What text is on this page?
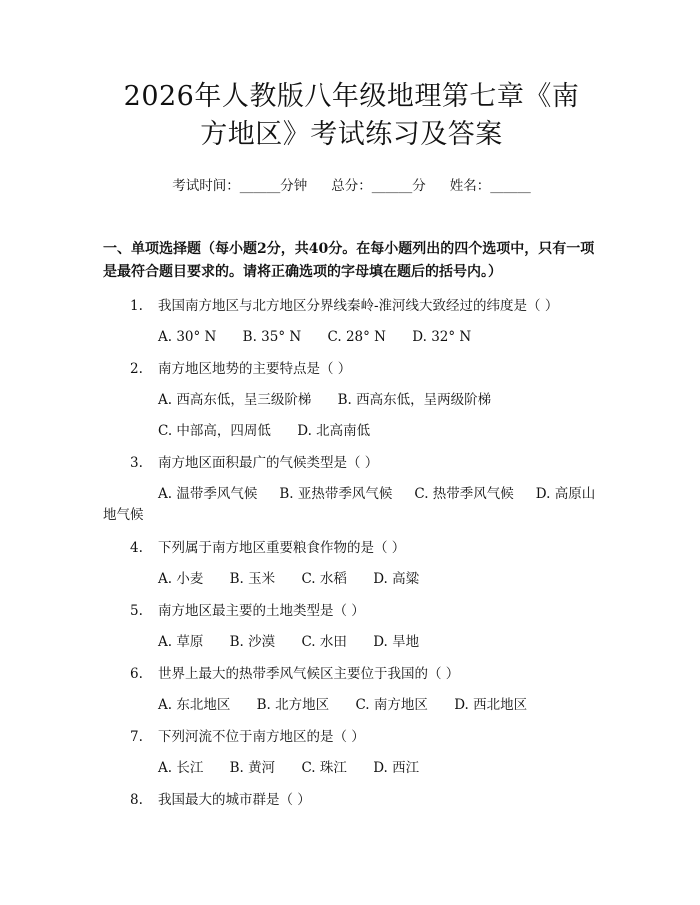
2026年人教版八年级地理第七章《南方地区》考试练习及答案
考试时间：______分钟 总分：______分 姓名：______
一、单项选择题（每小题2分，共40分。在每小题列出的四个选项中，只有一项是最符合题目要求的。请将正确选项的字母填在题后的括号内。）
1. 我国南方地区与北方地区分界线秦岭-淮河线大致经过的纬度是（ ）
A. 30° N B. 35° N C. 28° N D. 32° N
2. 南方地区地势的主要特点是（ ）
A. 西高东低，呈三级阶梯 B. 西高东低，呈两级阶梯
C. 中部高，四周低 D. 北高南低
3. 南方地区面积最广的气候类型是（ ）
A. 温带季风气候 B. 亚热带季风气候 C. 热带季风气候 D. 高原山地气候
4. 下列属于南方地区重要粮食作物的是（ ）
A. 小麦 B. 玉米 C. 水稻 D. 高粱
5. 南方地区最主要的土地类型是（ ）
A. 草原 B. 沙漠 C. 水田 D. 旱地
6. 世界上最大的热带季风气候区主要位于我国的（ ）
A. 东北地区 B. 北方地区 C. 南方地区 D. 西北地区
7. 下列河流不位于南方地区的是（ ）
A. 长江 B. 黄河 C. 珠江 D. 西江
8. 我国最大的城市群是（ ）
